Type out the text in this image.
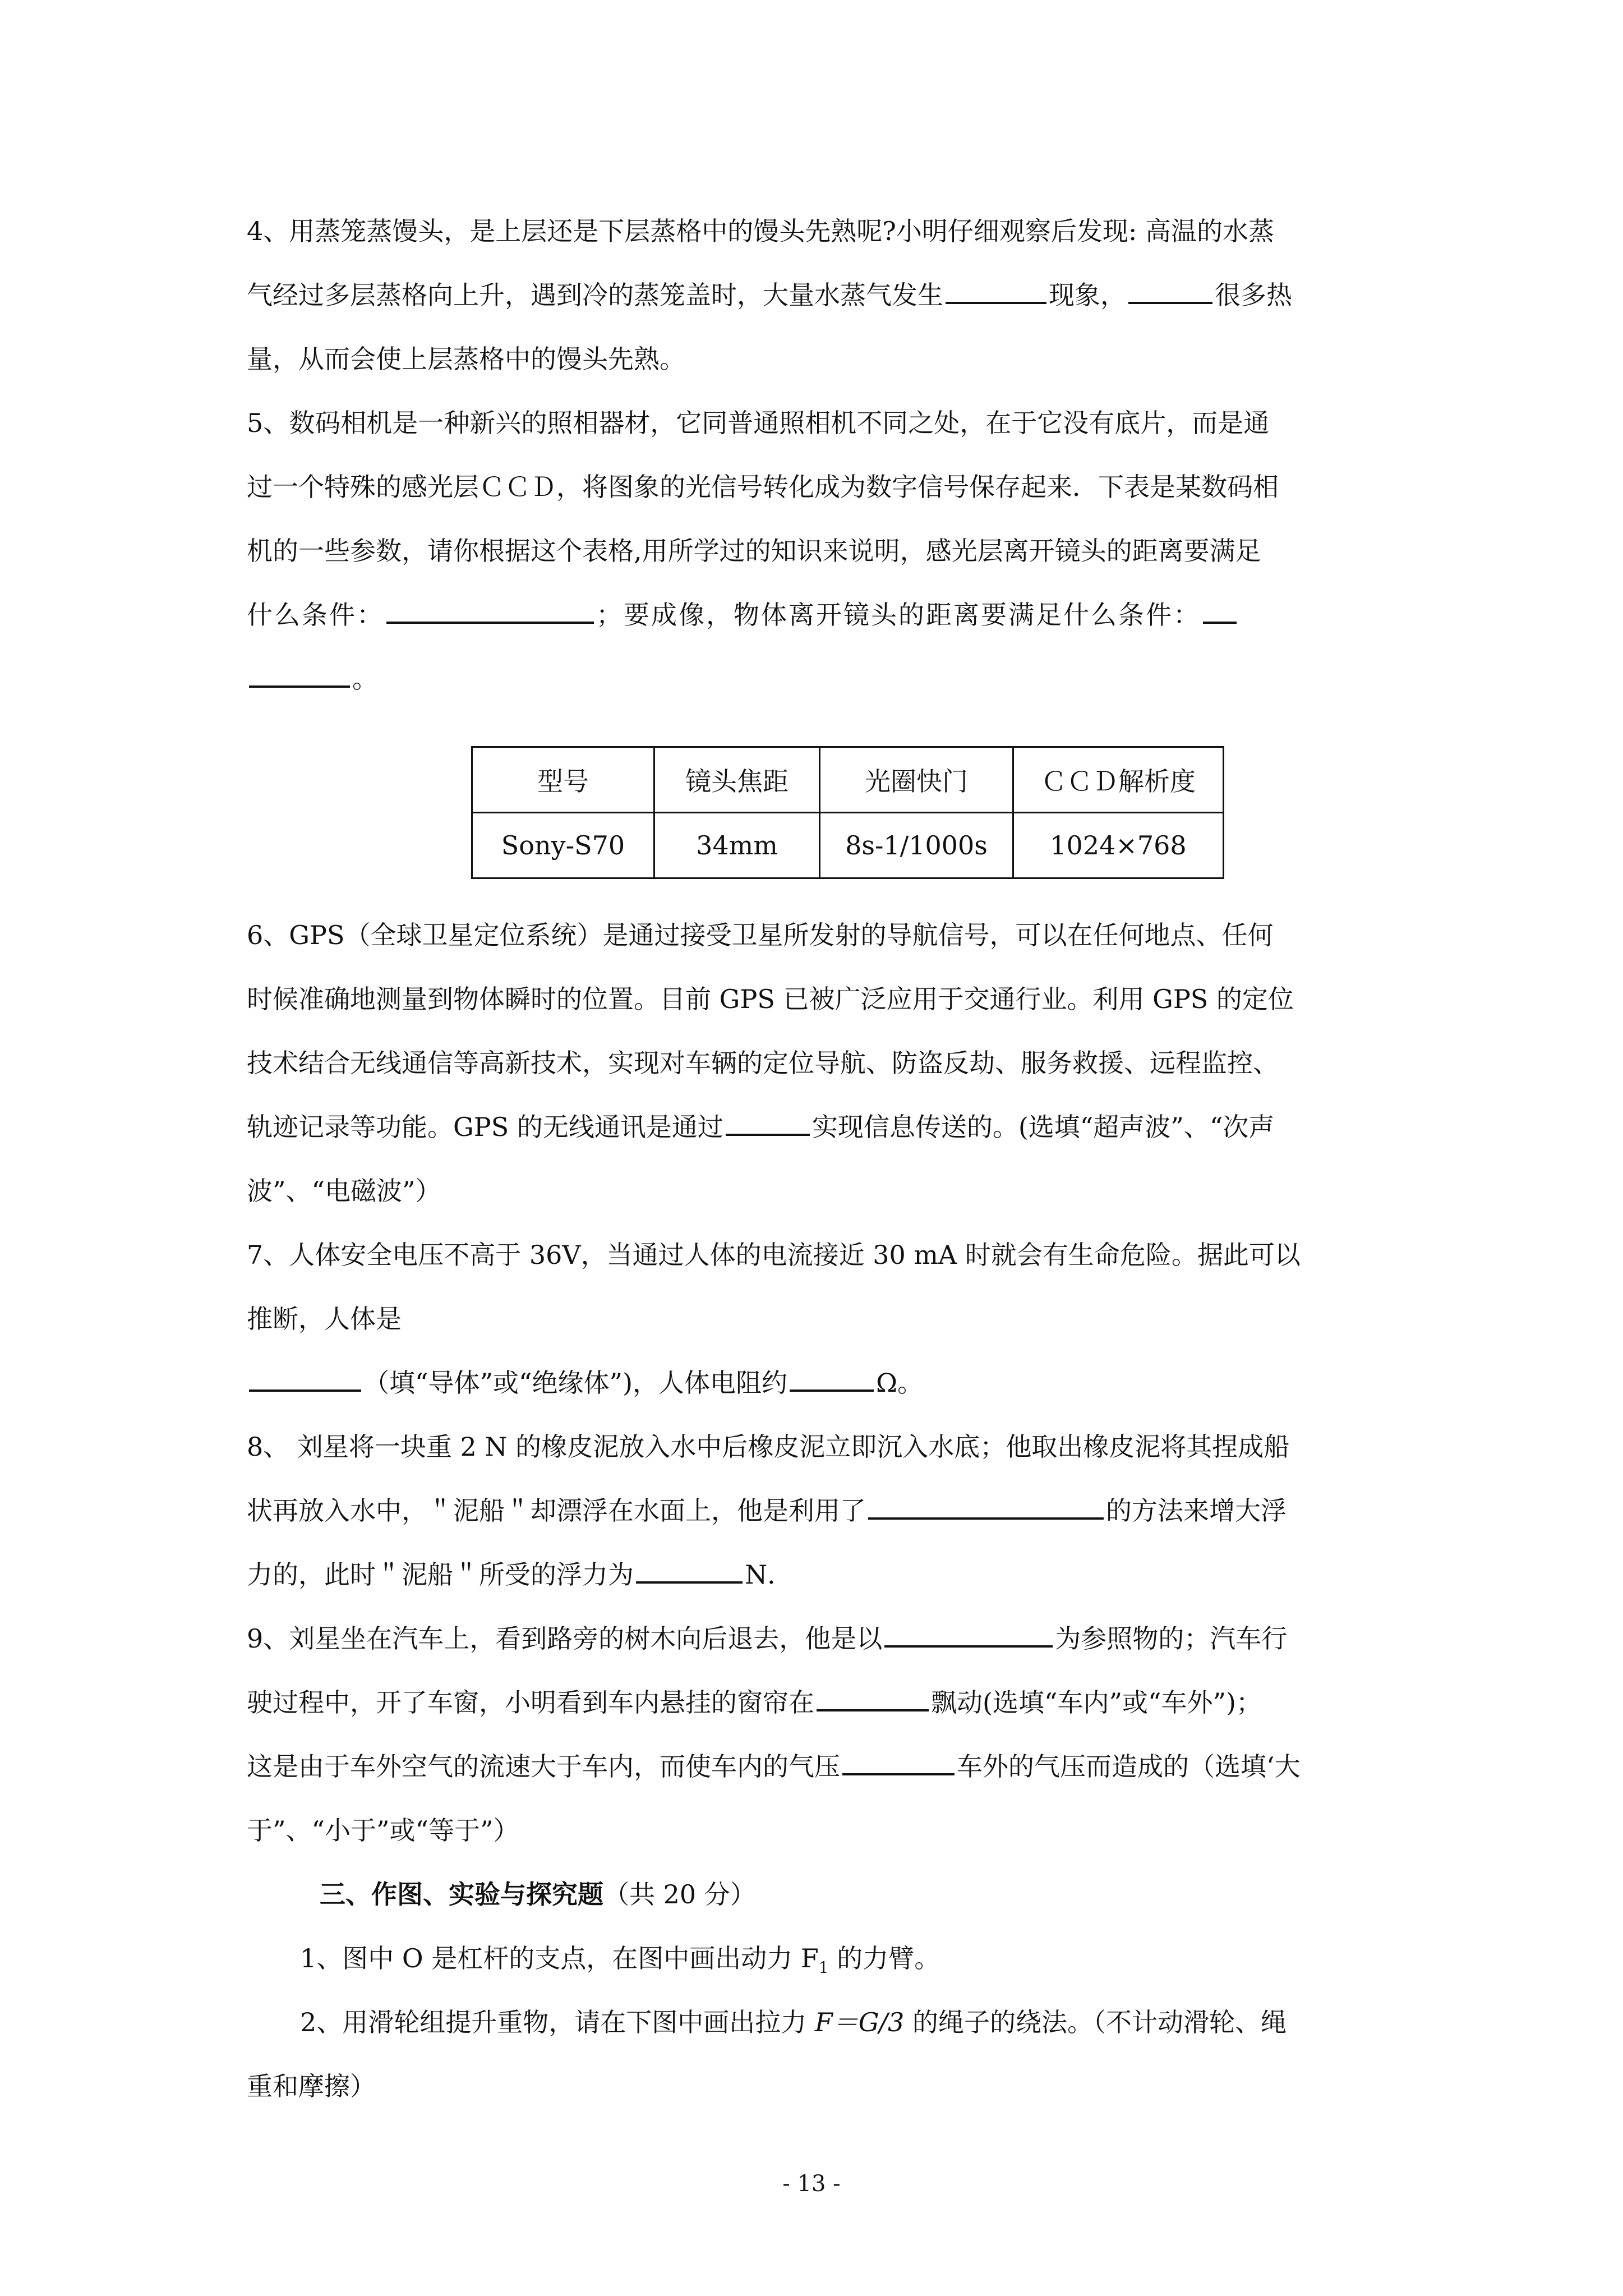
4、用蒸笼蒸馒头，是上层还是下层蒸格中的馒头先熟呢?小明仔细观察后发现: 高温的水蒸

气经过多层蒸格向上升，遇到冷的蒸笼盖时，大量水蒸气发生	现象，	很多热

量，从而会使上层蒸格中的馒头先熟。

5、数码相机是一种新兴的照相器材，它同普通照相机不同之处，在于它没有底片，而是通

过一个特殊的感光层ＣＣＤ，将图象的光信号转化成为数字信号保存起来．下表是某数码相

机的一些参数，请你根据这个表格,用所学过的知识来说明，感光层离开镜头的距离要满足

什么条件：	；要成像，物体离开镜头的距离要满足什么条件：

。

型号	镜头焦距	光圈快门	ＣＣＤ解析度
Sony-S70	34mm	8s-1/1000s	1024×768

6、GPS（全球卫星定位系统）是通过接受卫星所发射的导航信号，可以在任何地点、任何

时候准确地测量到物体瞬时的位置。目前 GPS 已被广泛应用于交通行业。利用 GPS 的定位

技术结合无线通信等高新技术，实现对车辆的定位导航、防盗反劫、服务救援、远程监控、

轨迹记录等功能。GPS 的无线通讯是通过	实现信息传送的。(选填“超声波”、“次声

波”、“电磁波”）

7、人体安全电压不高于 36V，当通过人体的电流接近 30 mA 时就会有生命危险。据此可以

推断，人体是

（填“导体”或“绝缘体”)，人体电阻约	Ω。

8、 刘星将一块重 2 N 的橡皮泥放入水中后橡皮泥立即沉入水底；他取出橡皮泥将其捏成船

状再放入水中，＂泥船＂却漂浮在水面上，他是利用了	的方法来增大浮

力的，此时＂泥船＂所受的浮力为	N．

9、刘星坐在汽车上，看到路旁的树木向后退去，他是以	为参照物的；汽车行

驶过程中，开了车窗，小明看到车内悬挂的窗帘在	飘动(选填“车内”或“车外”)；

这是由于车外空气的流速大于车内，而使车内的气压	车外的气压而造成的（选填‘大

于”、“小于”或“等于”）

三、作图、实验与探究题（共 20 分）

1、图中 O 是杠杆的支点，在图中画出动力 $F_1$ 的力臂。

2、用滑轮组提升重物，请在下图中画出拉力 F＝G/3 的绳子的绕法。（不计动滑轮、绳

重和摩擦）

- 13 -
